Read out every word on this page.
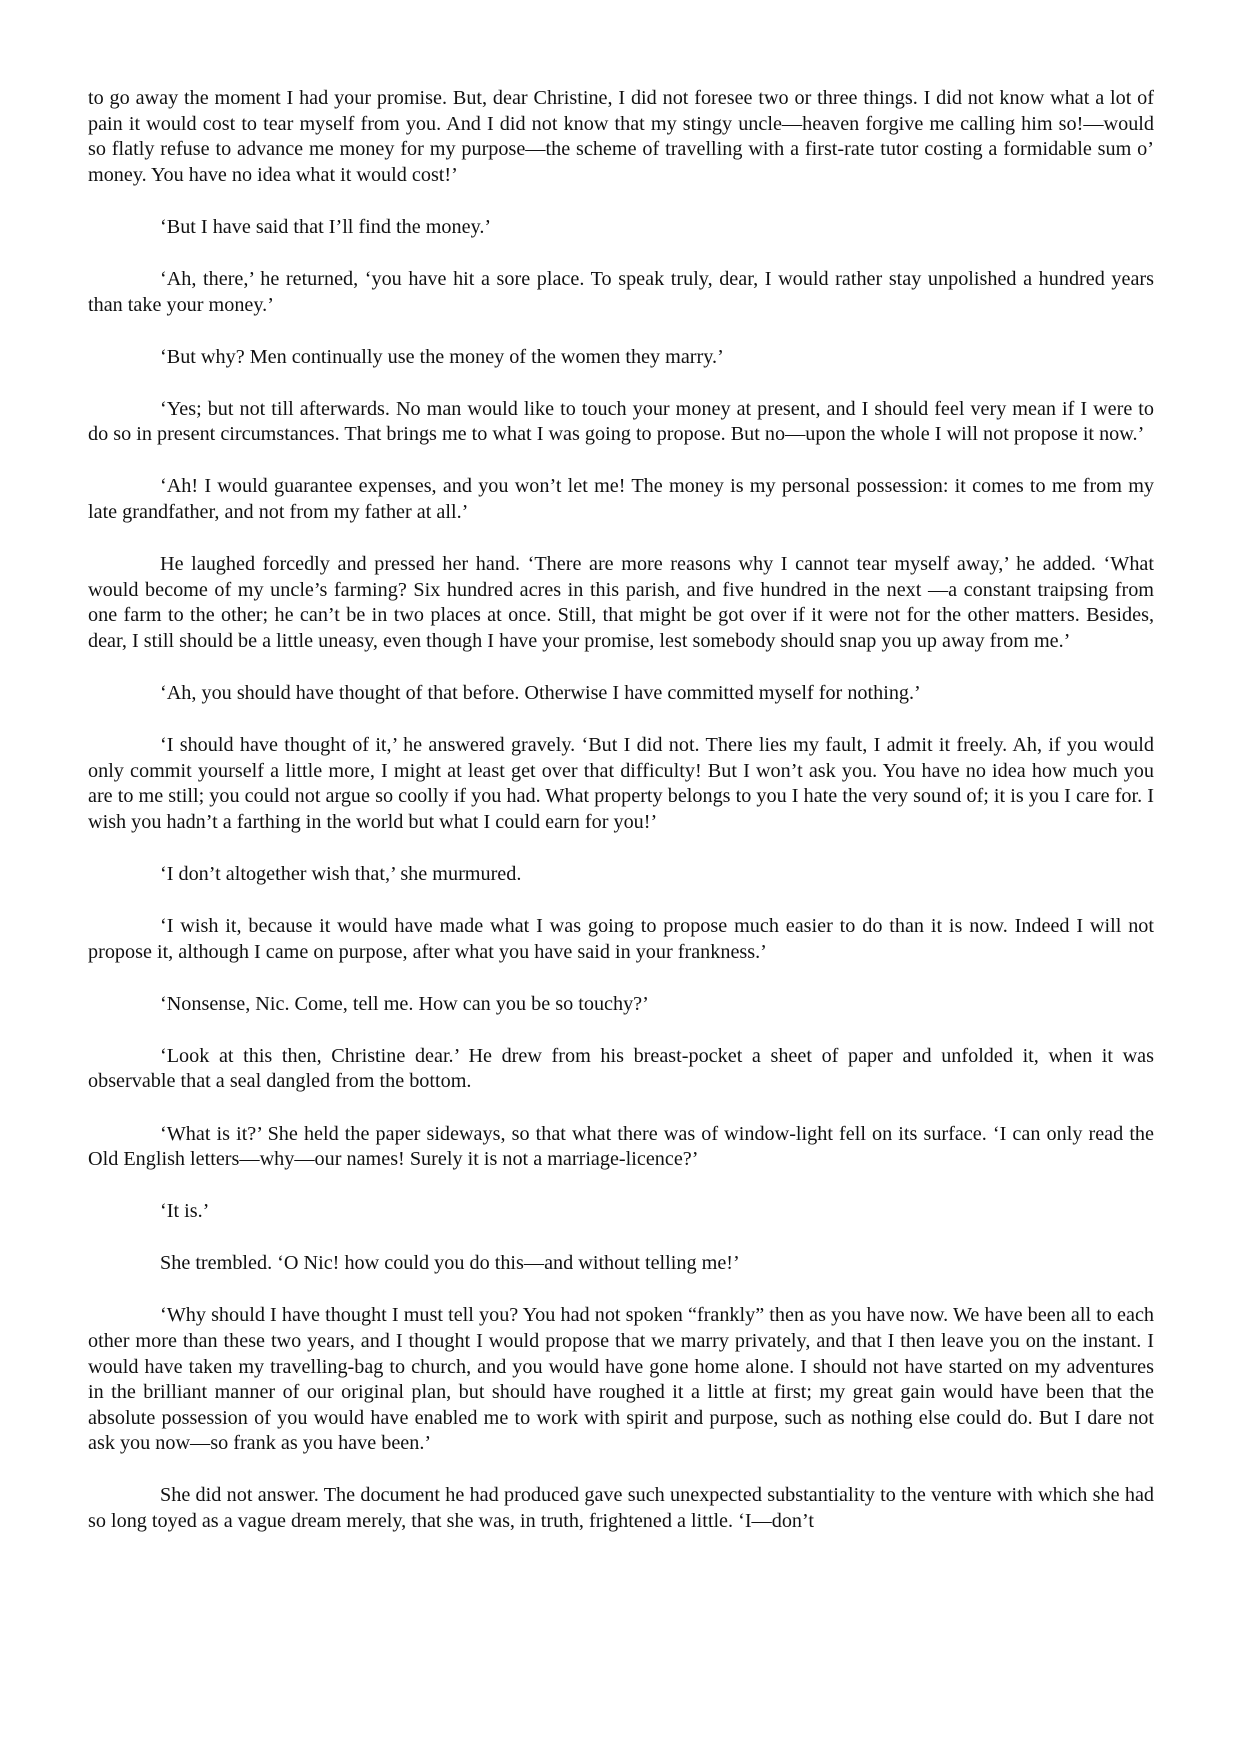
to go away the moment I had your promise. But, dear Christine, I did not foresee two or three things. I did not know what a lot of pain it would cost to tear myself from you. And I did not know that my stingy uncle—heaven forgive me calling him so!—would so flatly refuse to advance me money for my purpose—the scheme of travelling with a first-rate tutor costing a formidable sum o’ money. You have no idea what it would cost!’

‘But I have said that I’ll find the money.’

‘Ah, there,’ he returned, ‘you have hit a sore place. To speak truly, dear, I would rather stay unpolished a hundred years than take your money.’

‘But why? Men continually use the money of the women they marry.’

‘Yes; but not till afterwards. No man would like to touch your money at present, and I should feel very mean if I were to do so in present circumstances. That brings me to what I was going to propose. But no—upon the whole I will not propose it now.’

‘Ah! I would guarantee expenses, and you won’t let me! The money is my personal possession: it comes to me from my late grandfather, and not from my father at all.’

He laughed forcedly and pressed her hand. ‘There are more reasons why I cannot tear myself away,’ he added. ‘What would become of my uncle’s farming? Six hundred acres in this parish, and five hundred in the next —a constant traipsing from one farm to the other; he can’t be in two places at once. Still, that might be got over if it were not for the other matters. Besides, dear, I still should be a little uneasy, even though I have your promise, lest somebody should snap you up away from me.’

‘Ah, you should have thought of that before. Otherwise I have committed myself for nothing.’

‘I should have thought of it,’ he answered gravely. ‘But I did not. There lies my fault, I admit it freely. Ah, if you would only commit yourself a little more, I might at least get over that difficulty! But I won’t ask you. You have no idea how much you are to me still; you could not argue so coolly if you had. What property belongs to you I hate the very sound of; it is you I care for. I wish you hadn’t a farthing in the world but what I could earn for you!’

‘I don’t altogether wish that,’ she murmured.

‘I wish it, because it would have made what I was going to propose much easier to do than it is now. Indeed I will not propose it, although I came on purpose, after what you have said in your frankness.’

‘Nonsense, Nic. Come, tell me. How can you be so touchy?’

‘Look at this then, Christine dear.’ He drew from his breast-pocket a sheet of paper and unfolded it, when it was observable that a seal dangled from the bottom.

‘What is it?’ She held the paper sideways, so that what there was of window-light fell on its surface. ‘I can only read the Old English letters—why—our names! Surely it is not a marriage-licence?’

‘It is.’

She trembled. ‘O Nic! how could you do this—and without telling me!’

‘Why should I have thought I must tell you? You had not spoken “frankly” then as you have now. We have been all to each other more than these two years, and I thought I would propose that we marry privately, and that I then leave you on the instant. I would have taken my travelling-bag to church, and you would have gone home alone. I should not have started on my adventures in the brilliant manner of our original plan, but should have roughed it a little at first; my great gain would have been that the absolute possession of you would have enabled me to work with spirit and purpose, such as nothing else could do. But I dare not ask you now—so frank as you have been.’

She did not answer. The document he had produced gave such unexpected substantiality to the venture with which she had so long toyed as a vague dream merely, that she was, in truth, frightened a little. ‘I—don’t
